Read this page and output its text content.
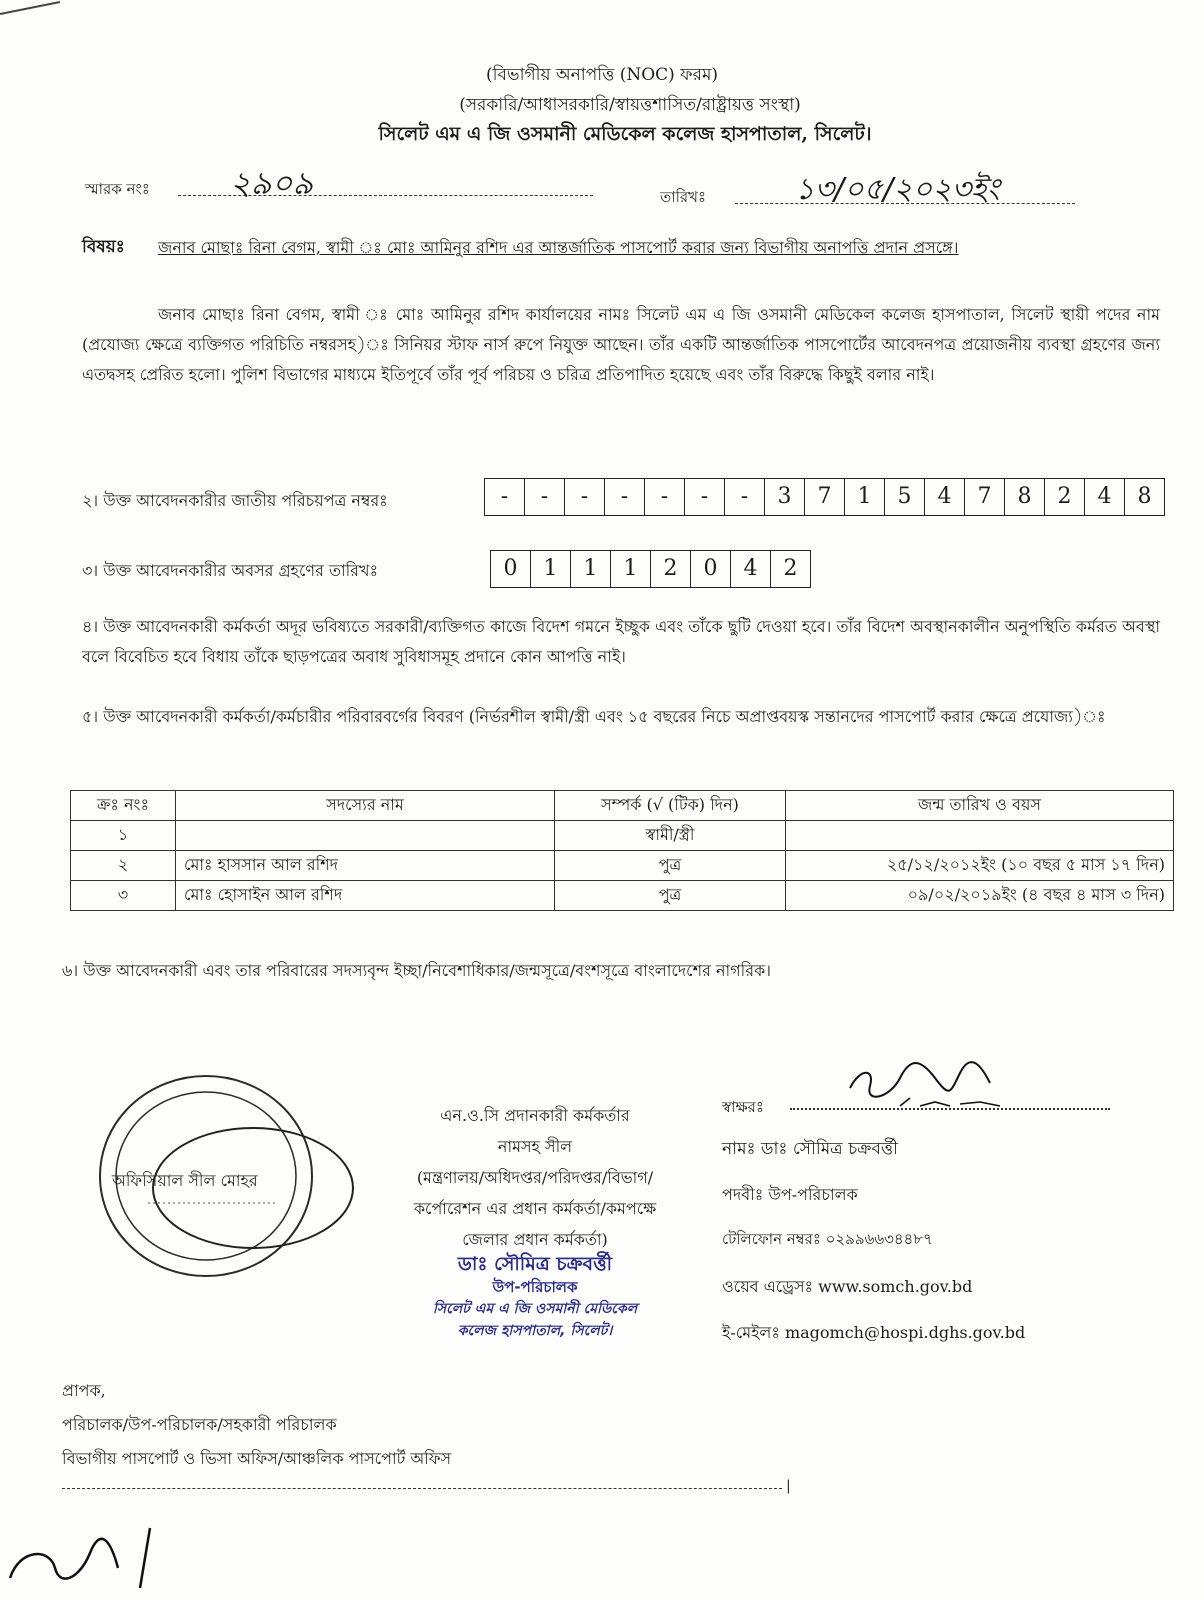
(বিভাগীয় অনাপত্তি (NOC) ফরম)
(সরকারি/আধাসরকারি/স্বায়ত্তশাসিত/রাষ্ট্রায়ত্ত সংস্থা)
সিলেট এম এ জি ওসমানী মেডিকেল কলেজ হাসপাতাল, সিলেট।
স্মারক নংঃ	২৯০৯	তারিখঃ	১৩/০৫/২০২৩ইং
বিষয়ঃ জনাব মোছাঃ রিনা বেগম, স্বামী ঃ মোঃ আমিনুর রশিদ এর আন্তর্জাতিক পাসপোর্ট করার জন্য বিভাগীয় অনাপত্তি প্রদান প্রসঙ্গে।
জনাব মোছাঃ রিনা বেগম, স্বামী ঃ মোঃ আমিনুর রশিদ কার্যালয়ের নামঃ সিলেট এম এ জি ওসমানী মেডিকেল কলেজ হাসপাতাল, সিলেট স্থায়ী পদের নাম (প্রযোজ্য ক্ষেত্রে ব্যক্তিগত পরিচিতি নম্বরসহ)ঃ সিনিয়র স্টাফ নার্স রুপে নিযুক্ত আছেন। তাঁর একটি আন্তর্জাতিক পাসপোর্টের আবেদনপত্র প্রয়োজনীয় ব্যবস্থা গ্রহণের জন্য এতদ্বসহ প্রেরিত হলো। পুলিশ বিভাগের মাধ্যমে ইতিপূর্বে তাঁর পূর্ব পরিচয় ও চরিত্র প্রতিপাদিত হয়েছে এবং তাঁর বিরুদ্ধে কিছুই বলার নাই।
২। উক্ত আবেদনকারীর জাতীয় পরিচয়পত্র নম্বরঃ	-	-	-	-	-	-	-	3	7	1	5	4	7	8	2	4	8
৩। উক্ত আবেদনকারীর অবসর গ্রহণের তারিখঃ	0	1	1	1	2	0	4	2
৪। উক্ত আবেদনকারী কর্মকর্তা অদূর ভবিষ্যতে সরকারী/ব্যক্তিগত কাজে বিদেশ গমনে ইচ্ছুক এবং তাঁকে ছুটি দেওয়া হবে। তাঁর বিদেশ অবস্থানকালীন অনুপস্থিতি কর্মরত অবস্থা বলে বিবেচিত হবে বিধায় তাঁকে ছাড়পত্রের অবাধ সুবিধাসমূহ প্রদানে কোন আপত্তি নাই।
৫। উক্ত আবেদনকারী কর্মকর্তা/কর্মচারীর পরিবারবর্গের বিবরণ (নির্ভরশীল স্বামী/স্ত্রী এবং ১৫ বছরের নিচে অপ্রাপ্তবয়স্ক সন্তানদের পাসপোর্ট করার ক্ষেত্রে প্রযোজ্য)ঃ
ক্রঃ নংঃ	সদস্যের নাম	সম্পর্ক (√ (টিক) দিন)	জন্ম তারিখ ও বয়স
১		স্বামী/স্ত্রী	
২	মোঃ হাসসান আল রশিদ	পুত্র	২৫/১২/২০১২ইং (১০ বছর ৫ মাস ১৭ দিন)
৩	মোঃ হোসাইন আল রশিদ	পুত্র	০৯/০২/২০১৯ইং (৪ বছর ৪ মাস ৩ দিন)
৬। উক্ত আবেদনকারী এবং তার পরিবারের সদস্যবৃন্দ ইচ্ছা/নিবেশাধিকার/জন্মসূত্রে/বংশসূত্রে বাংলাদেশের নাগরিক।
অফিসিয়াল সীল মোহর
এন.ও.সি প্রদানকারী কর্মকর্তার
নামসহ সীল
(মন্ত্রণালয়/অধিদপ্তর/পরিদপ্তর/বিভাগ/
কর্পোরেশন এর প্রধান কর্মকর্তা/কমপক্ষে
জেলার প্রধান কর্মকর্তা)
ডাঃ সৌমিত্র চক্রবর্ত্তী
উপ-পরিচালক
সিলেট এম এ জি ওসমানী মেডিকেল
কলেজ হাসপাতাল, সিলেট।
স্বাক্ষরঃ
নামঃ ডাঃ সৌমিত্র চক্রবর্ত্তী
পদবীঃ উপ-পরিচালক
টেলিফোন নম্বরঃ ০২৯৯৬৬৩৪৪৮৭
ওয়েব এড্রেসঃ www.somch.gov.bd
ই-মেইলঃ magomch@hospi.dghs.gov.bd
প্রাপক,
পরিচালক/উপ-পরিচালক/সহকারী পরিচালক
বিভাগীয় পাসপোর্ট ও ভিসা অফিস/আঞ্চলিক পাসপোর্ট অফিস
|
